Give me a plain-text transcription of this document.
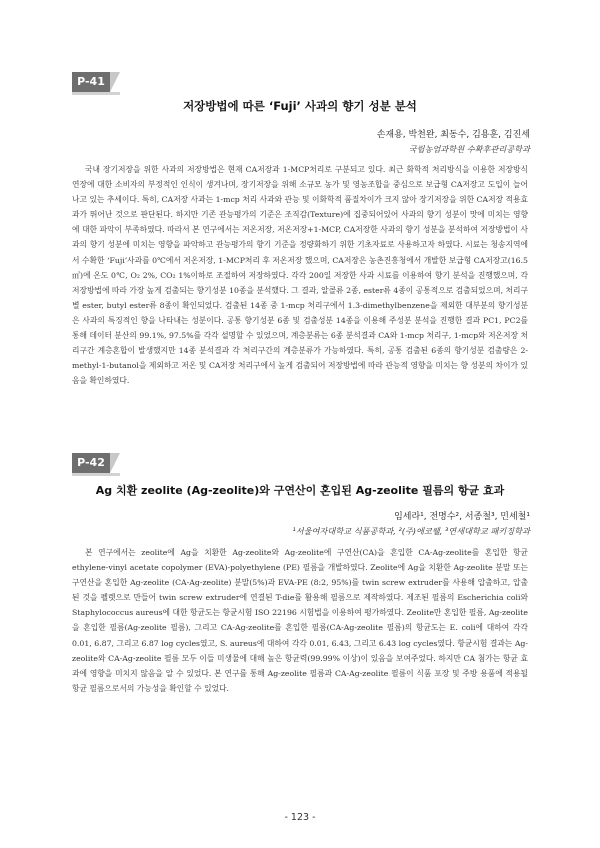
P-41
저장방법에 따른 ‘Fuji’ 사과의 향기 성분 분석
손재용, 박천완, 최동수, 김용훈, 김진세
국립농업과학원 수확후관리공학과

국내 장기저장을 위한 사과의 저장방법은 현재 CA저장과 1-MCP처리로 구분되고 있다. 최근 화학적 처리방식을 이용한 저장방식 연장에 대한 소비자의 부정적인 인식이 생겨나며, 장기저장을 위해 소규모 농가 및 영농조합을 중심으로 보급형 CA저장고 도입이 늘어나고 있는 추세이다. 특히, CA저장 사과는 1-mcp 처리 사과와 관능 및 이화학적 품질차이가 크지 않아 장기저장을 위한 CA저장 적용효과가 뛰어난 것으로 판단된다. 하지만 기존 관능평가의 기준은 조직감(Texture)에 집중되어있어 사과의 향기 성분이 맛에 미치는 영향에 대한 파악이 부족하였다. 따라서 본 연구에서는 저온저장, 저온저장+1-MCP, CA저장한 사과의 향기 성분을 분석하여 저장방법이 사과의 향기 성분에 미치는 영향을 파악하고 관능평가의 향기 기준을 정량화하기 위한 기초자료로 사용하고자 하였다. 시료는 청송지역에서 수확한 ‘Fuji’사과를 0℃에서 저온저장, 1-MCP처리 후 저온저장 했으며, CA저장은 농촌진흥청에서 개발한 보급형 CA저장고(16.5㎥)에 온도 0℃, O₂ 2%, CO₂ 1%이하로 조절하여 저장하였다. 각각 200일 저장한 사과 시료를 이용하여 향기 분석을 진행했으며, 각 저장방법에 따라 가장 높게 검출되는 향기성분 10종을 분석했다. 그 결과, 알콜류 2종, ester류 4종이 공통적으로 검출되었으며, 처리구별 ester, butyl ester류 8종이 확인되었다. 검출된 14종 중 1-mcp 처리구에서 1.3-dimethylbenzene을 제외한 대부분의 향기성분은 사과의 특징적인 향을 나타내는 성분이다. 공통 향기성분 6종 및 검출성분 14종을 이용해 주성분 분석을 진행한 결과 PC1, PC2를 통해 데이터 분산의 99.1%, 97.5%를 각각 설명할 수 있었으며, 계층분류는 6종 분석결과 CA와 1-mcp 처리구, 1-mcp와 저온저장 처리구간 계층혼합이 발생했지만 14종 분석결과 각 처리구간의 계층분류가 가능하였다. 특히, 공통 검출된 6종의 향기성분 검출량은 2-methyl-1-butanol을 제외하고 저온 및 CA저장 처리구에서 높게 검출되어 저장방법에 따라 관능적 영향을 미치는 향 성분의 차이가 있음을 확인하였다.

P-42
Ag 치환 zeolite (Ag-zeolite)와 구연산이 혼입된 Ag-zeolite 필름의 항균 효과
임세라¹, 전명수², 서종철³, 민세철¹
¹서울여자대학교 식품공학과, ²(주)에코웰, ³연세대학교 패키징학과

본 연구에서는 zeolite에 Ag을 치환한 Ag-zeolite와 Ag-zeolite에 구연산(CA)을 혼입한 CA-Ag-zeolite를 혼입한 항균 ethylene-vinyl acetate copolymer (EVA)-polyethylene (PE) 필름을 개발하였다. Zeolite에 Ag을 치환한 Ag-zeolite 분말 또는 구연산을 혼입한 Ag-zeolite (CA-Ag-zeolite) 분말(5%)과 EVA-PE (8:2, 95%)를 twin screw extruder를 사용해 압출하고, 압출된 것을 펠렛으로 만들어 twin screw extruder에 연결된 T-die를 활용해 필름으로 제작하였다. 제조된 필름의 Escherichia coli와 Staphylococcus aureus에 대한 항균도는 항균시험 ISO 22196 시험법을 이용하여 평가하였다. Zeolite만 혼입한 필름, Ag-zeolite을 혼입한 필름(Ag-zeolite 필름), 그리고 CA-Ag-zeolite를 혼입한 필름(CA-Ag-zeolite 필름)의 항균도는 E. coli에 대하여 각각 0.01, 6.87, 그리고 6.87 log cycles였고, S. aureus에 대하여 각각 0.01, 6.43, 그리고 6.43 log cycles였다. 항균시험 결과는 Ag-zeolite와 CA-Ag-zeolite 필름 모두 이들 미생물에 대해 높은 항균력(99.99% 이상)이 있음을 보여주었다. 하지만 CA 첨가는 항균 효과에 영향을 미치지 않음을 알 수 있었다. 본 연구를 통해 Ag-zeolite 필름과 CA-Ag-zeolite 필름이 식품 포장 및 주방 용품에 적용될 항균 필름으로서의 가능성을 확인할 수 있었다.

- 123 -
